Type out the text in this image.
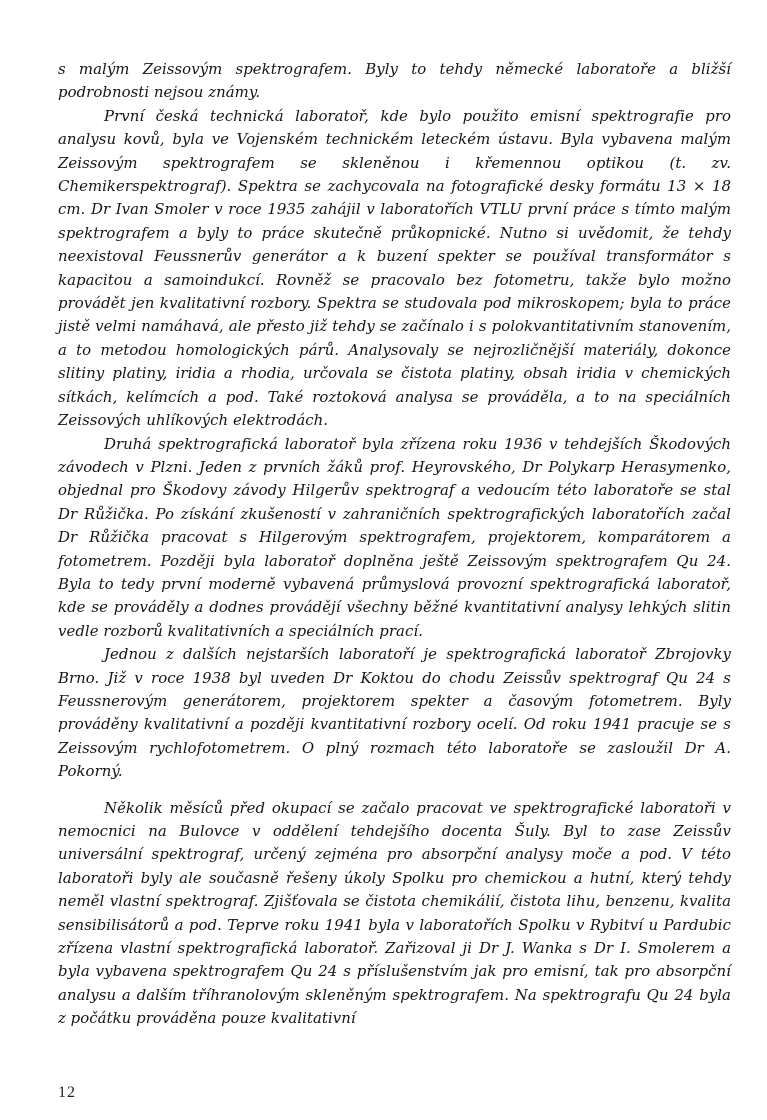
s malým Zeissovým spektrografem. Byly to tehdy německé laboratoře a bližší podrobnosti nejsou známy.

První česká technická laboratoř, kde bylo použito emisní spektrografie pro analysu kovů, byla ve Vojenském technickém leteckém ústavu. Byla vybavena malým Zeissovým spektrografem se skleněnou i křemennou optikou (t. zv. Chemikerspektrograf). Spektra se zachycovala na fotografické desky formátu 13 × 18 cm. Dr Ivan Smoler v roce 1935 zahájil v laboratořích VTLU první práce s tímto malým spektrografem a byly to práce skutečně průkopnické. Nutno si uvědomit, že tehdy neexistoval Feussnerův generátor a k buzení spekter se používal transformátor s kapacitou a samoindukcí. Rovněž se pracovalo bez fotometru, takže bylo možno provádět jen kvalitativní rozbory. Spektra se studovala pod mikroskopem; byla to práce jistě velmi namáhavá, ale přesto již tehdy se začínalo i s polokvantitativním stanovením, a to metodou homologických párů. Analysovaly se nejrozličnější materiály, dokonce slitiny platiny, iridia a rhodia, určovala se čistota platiny, obsah iridia v chemických sítkách, kelímcích a pod. Také roztoková analysa se prováděla, a to na speciálních Zeissových uhlíkových elektrodách.

Druhá spektrografická laboratoř byla zřízena roku 1936 v tehdejších Škodových závodech v Plzni. Jeden z prvních žáků prof. Heyrovského, Dr Polykarp Herasymenko, objednal pro Škodovy závody Hilgerův spektrograf a vedoucím této laboratoře se stal Dr Růžička. Po získání zkušeností v zahraničních spektrografických laboratořích začal Dr Růžička pracovat s Hilgerovým spektrografem, projektorem, komparátorem a fotometrem. Později byla laboratoř doplněna ještě Zeissovým spektrografem Qu 24. Byla to tedy první moderně vybavená průmyslová provozní spektrografická laboratoř, kde se prováděly a dodnes provádějí všechny běžné kvantitativní analysy lehkých slitin vedle rozborů kvalitativních a speciálních prací.

Jednou z dalších nejstarších laboratoří je spektrografická laboratoř Zbrojovky Brno. Již v roce 1938 byl uveden Dr Koktou do chodu Zeissův spektrograf Qu 24 s Feussnerovým generátorem, projektorem spekter a časovým fotometrem. Byly prováděny kvalitativní a později kvantitativní rozbory ocelí. Od roku 1941 pracuje se s Zeissovým rychlofotometrem. O plný rozmach této laboratoře se zasloužil Dr A. Pokorný.

Několik měsíců před okupací se začalo pracovat ve spektrografické laboratoři v nemocnici na Bulovce v oddělení tehdejšího docenta Šuly. Byl to zase Zeissův universální spektrograf, určený zejména pro absorpční analysy moče a pod. V této laboratoři byly ale současně řešeny úkoly Spolku pro chemickou a hutní, který tehdy neměl vlastní spektrograf. Zjišťovala se čistota chemikálií, čistota lihu, benzenu, kvalita sensibilisátorů a pod. Teprve roku 1941 byla v laboratořích Spolku v Rybitví u Pardubic zřízena vlastní spektrografická laboratoř. Zařizoval ji Dr J. Wanka s Dr I. Smolerem a byla vybavena spektrografem Qu 24 s příslušenstvím jak pro emisní, tak pro absorpční analysu a dalším tříhranolovým skleněným spektrografem. Na spektrografu Qu 24 byla z počátku prováděna pouze kvalitativní

12
